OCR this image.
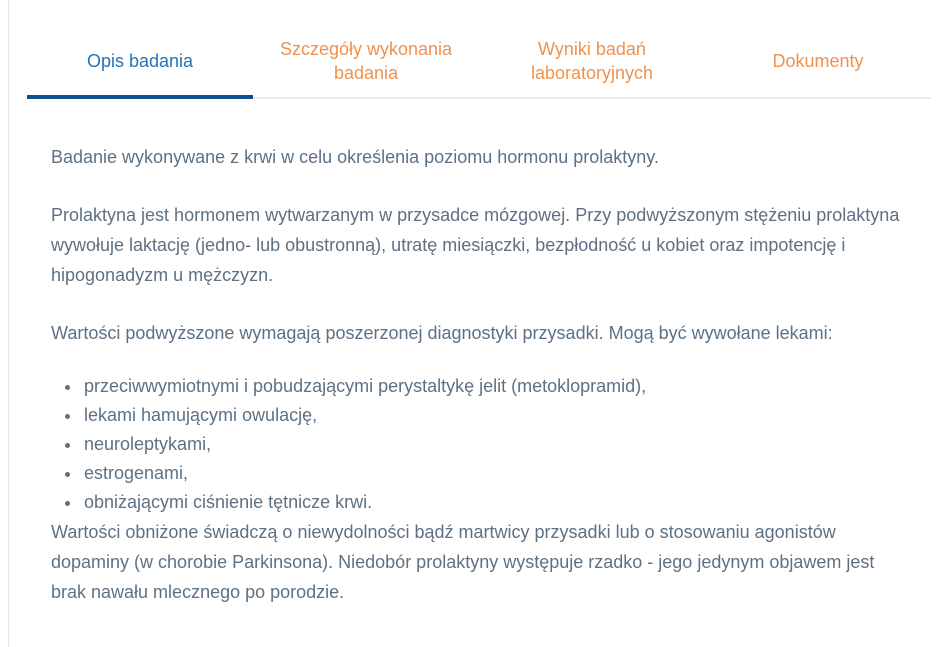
Opis badania
Szczegóły wykonania badania
Wyniki badań laboratoryjnych
Dokumenty

Badanie wykonywane z krwi w celu określenia poziomu hormonu prolaktyny.

Prolaktyna jest hormonem wytwarzanym w przysadce mózgowej. Przy podwyższonym stężeniu prolaktyna wywołuje laktację (jedno- lub obustronną), utratę miesiączki, bezpłodność u kobiet oraz impotencję i hipogonadyzm u mężczyzn.

Wartości podwyższone wymagają poszerzonej diagnostyki przysadki. Mogą być wywołane lekami:

• przeciwwymiotnymi i pobudzającymi perystaltykę jelit (metoklopramid),
• lekami hamującymi owulację,
• neuroleptykami,
• estrogenami,
• obniżającymi ciśnienie tętnicze krwi.

Wartości obniżone świadczą o niewydolności bądź martwicy przysadki lub o stosowaniu agonistów dopaminy (w chorobie Parkinsona). Niedobór prolaktyny występuje rzadko - jego jedynym objawem jest brak nawału mlecznego po porodzie.
